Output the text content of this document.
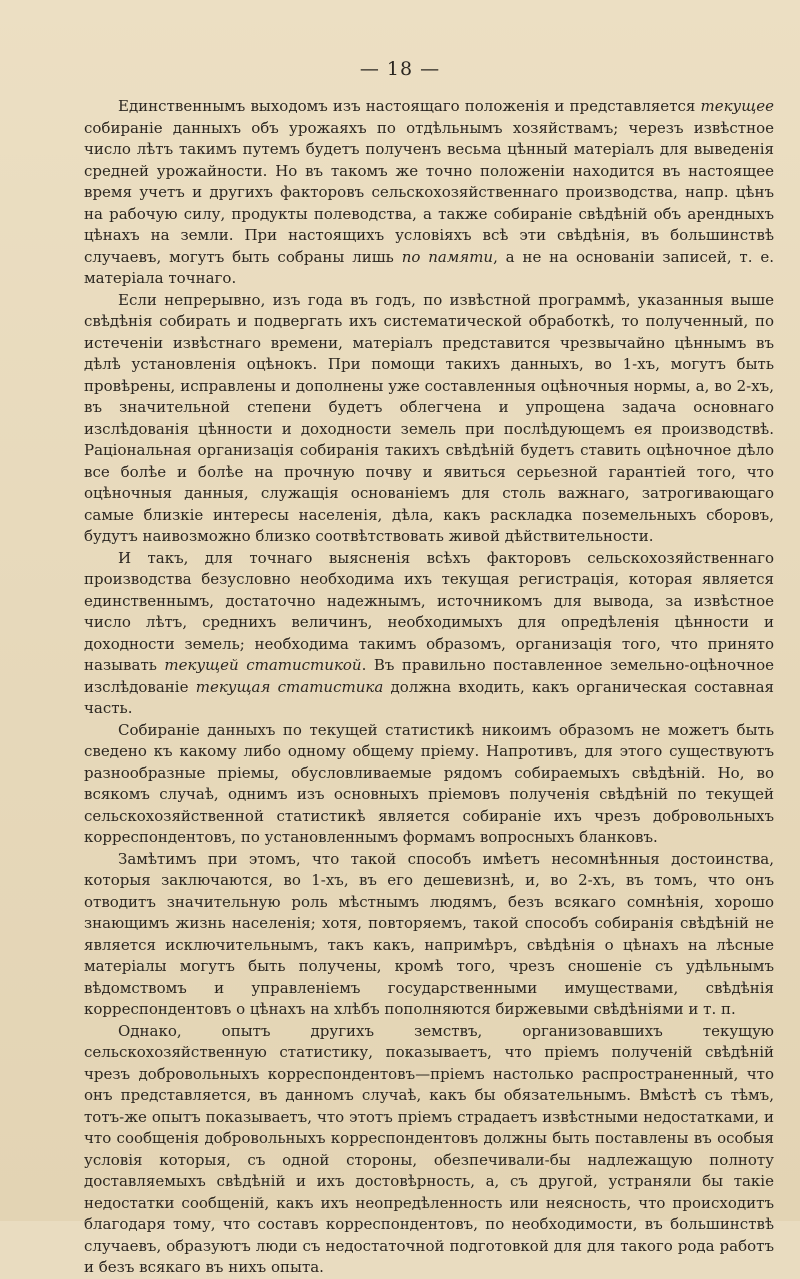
— 18 —

Единственнымъ выходомъ изъ настоящаго положенія и представляется текущее собираніе данныхъ объ урожаяхъ по отдѣльнымъ хозяйствамъ; черезъ извѣстное число лѣтъ такимъ путемъ будетъ полученъ весьма цѣнный матеріалъ для выведенія средней урожайности. Но въ такомъ же точно положеніи находится въ настоящее время учетъ и другихъ факторовъ сельскохозяйственнаго производства, напр. цѣнъ на рабочую силу, продукты полеводства, а также собираніе свѣдѣній объ арендныхъ цѣнахъ на земли. При настоящихъ условіяхъ всѣ эти свѣдѣнія, въ большинствѣ случаевъ, могутъ быть собраны лишь по памяти, а не на основаніи записей, т. е. матеріала точнаго.

Если непрерывно, изъ года въ годъ, по извѣстной программѣ, указанныя выше свѣдѣнія собирать и подвергать ихъ систематической обработкѣ, то полученный, по истеченіи извѣстнаго времени, матеріалъ представится чрезвычайно цѣннымъ въ дѣлѣ установленія оцѣнокъ. При помощи такихъ данныхъ, во 1-хъ, могутъ быть провѣрены, исправлены и дополнены уже составленныя оцѣночныя нормы, а, во 2-хъ, въ значительной степени будетъ облегчена и упрощена задача основнаго изслѣдованія цѣнности и доходности земель при послѣдующемъ ея производствѣ. Раціональная организація собиранія такихъ свѣдѣній будетъ ставить оцѣночное дѣло все болѣе и болѣе на прочную почву и явиться серьезной гарантіей того, что оцѣночныя данныя, служащія основаніемъ для столь важнаго, затрогивающаго самые близкіе интересы населенія, дѣла, какъ раскладка поземельныхъ сборовъ, будутъ наивозможно близко соотвѣтствовать живой дѣйствительности.

И такъ, для точнаго выясненія всѣхъ факторовъ сельскохозяйственнаго производства безусловно необходима ихъ текущая регистрація, которая является единственнымъ, достаточно надежнымъ, источникомъ для вывода, за извѣстное число лѣтъ, среднихъ величинъ, необходимыхъ для опредѣленія цѣнности и доходности земель; необходима такимъ образомъ, организація того, что принято называть текущей статистикой. Въ правильно поставленное земельно-оцѣночное изслѣдованіе текущая статистика должна входить, какъ органическая составная часть.

Собираніе данныхъ по текущей статистикѣ никоимъ образомъ не можетъ быть сведено къ какому либо одному общему пріему. Напротивъ, для этого существуютъ разнообразные пріемы, обусловливаемые рядомъ собираемыхъ свѣдѣній. Но, во всякомъ случаѣ, однимъ изъ основныхъ пріемовъ полученія свѣдѣній по текущей сельскохозяйственной статистикѣ является собираніе ихъ чрезъ добровольныхъ корреспондентовъ, по установленнымъ формамъ вопросныхъ бланковъ.

Замѣтимъ при этомъ, что такой способъ имѣетъ несомнѣнныя достоинства, которыя заключаются, во 1-хъ, въ его дешевизнѣ, и, во 2-хъ, въ томъ, что онъ отводитъ значительную роль мѣстнымъ людямъ, безъ всякаго сомнѣнія, хорошо знающимъ жизнь населенія; хотя, повторяемъ, такой способъ собиранія свѣдѣній не является исключительнымъ, такъ какъ, напримѣръ, свѣдѣнія о цѣнахъ на лѣсные матеріалы могутъ быть получены, кромѣ того, чрезъ сношеніе съ удѣльнымъ вѣдомствомъ и управленіемъ государственными имуществами, свѣдѣнія корреспондентовъ о цѣнахъ на хлѣбъ пополняются биржевыми свѣдѣніями и т. п.

Однако, опытъ другихъ земствъ, организовавшихъ текущую сельскохозяйственную статистику, показываетъ, что пріемъ полученій свѣдѣній чрезъ добровольныхъ корреспондентовъ—пріемъ настолько распространенный, что онъ представляется, въ данномъ случаѣ, какъ бы обязательнымъ. Вмѣстѣ съ тѣмъ, тотъ-же опытъ показываетъ, что этотъ пріемъ страдаетъ извѣстными недостатками, и что сообщенія добровольныхъ корреспондентовъ должны быть поставлены въ особыя условія которыя, съ одной стороны, обезпечивали-бы надлежащую полноту доставляемыхъ свѣдѣній и ихъ достовѣрность, а, съ другой, устраняли бы такіе недостатки сообщеній, какъ ихъ неопредѣленность или неясность, что происходитъ благодаря тому, что составъ корреспондентовъ, по необходимости, въ большинствѣ случаевъ, образуютъ люди съ недостаточной подготовкой для для такого рода работъ и безъ всякаго въ нихъ опыта.
